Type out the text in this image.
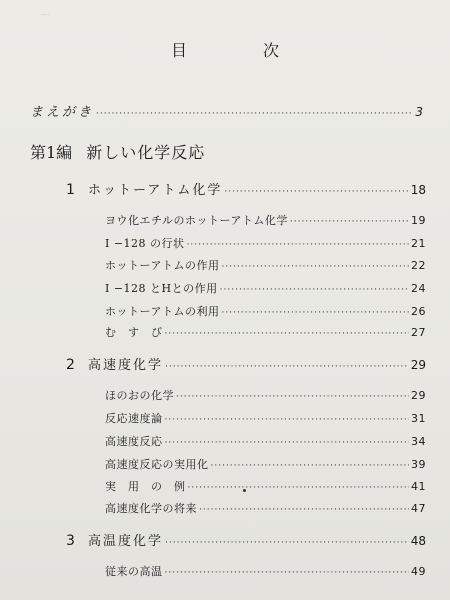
ー　　　　　　　　　　　　　　　　　　　　　
目　次
まえがき ·····	3
第1編 新しい化学反応
1 ホットーアトム化学 ·····	18
ヨウ化エチルのホットーアトム化学 ·····	19
I −128 の行状 ·····	21
ホットーアトムの作用 ·····	22
I −128 とHとの作用 ·····	24
ホットーアトムの利用 ·····	26
む　す　び ·····	27
2 高速度化学 ·····	29
ほのおの化学 ·····	29
反応速度論 ·····	31
高速度反応 ·····	34
高速度反応の実用化 ·····	39
実　用　の　例 ·····	41
高速度化学の将来 ·····	47
3 高温度化学 ·····	48
従来の高温 ·····	49
